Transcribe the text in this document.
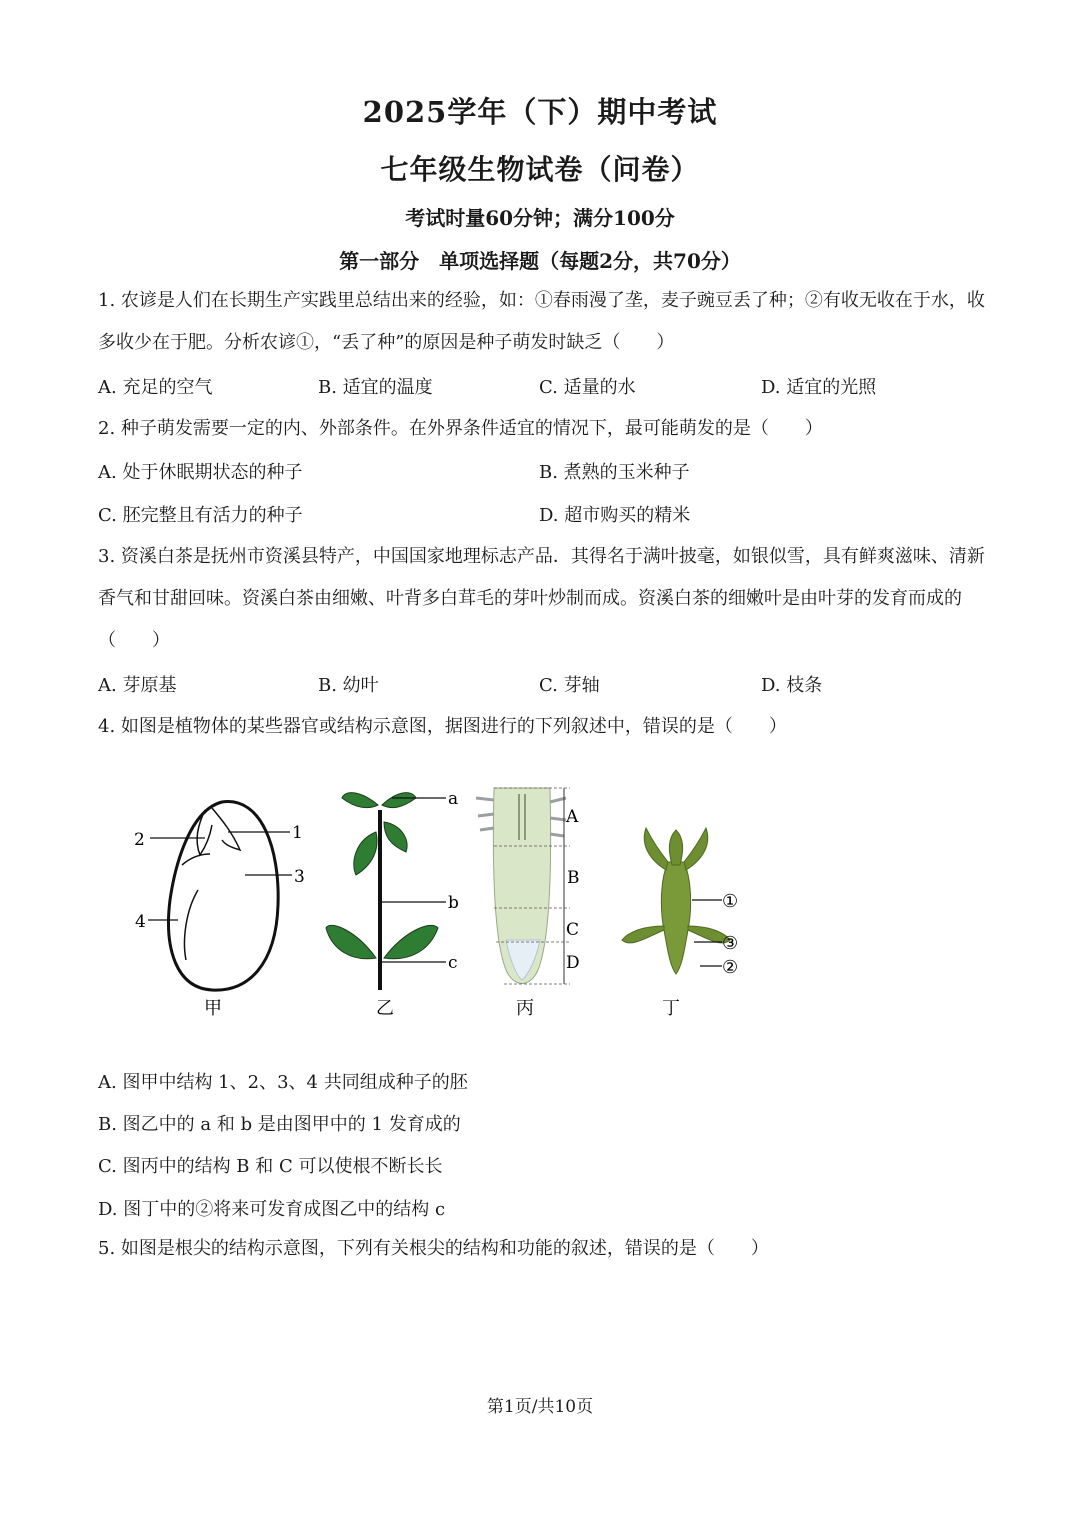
2025学年（下）期中考试
七年级生物试卷（问卷）
考试时量60分钟；满分100分
第一部分　单项选择题（每题2分，共70分）
1. 农谚是人们在长期生产实践里总结出来的经验，如：①春雨漫了垄，麦子豌豆丢了种；②有收无收在于水，收多收少在于肥。分析农谚①，“丢了种”的原因是种子萌发时缺乏（　　）
A. 充足的空气	B. 适宜的温度	C. 适量的水	D. 适宜的光照
2. 种子萌发需要一定的内、外部条件。在外界条件适宜的情况下，最可能萌发的是（　　）
A. 处于休眠期状态的种子	B. 煮熟的玉米种子
C. 胚完整且有活力的种子	D. 超市购买的精米
3. 资溪白茶是抚州市资溪县特产，中国国家地理标志产品．其得名于满叶披毫，如银似雪，具有鲜爽滋味、清新香气和甘甜回味。资溪白茶由细嫩、叶背多白茸毛的芽叶炒制而成。资溪白茶的细嫩叶是由叶芽的发育而成的（　　）
A. 芽原基	B. 幼叶	C. 芽轴	D. 枝条
4. 如图是植物体的某些器官或结构示意图，据图进行的下列叙述中，错误的是（　　）
1
2
3
4
a
b
c
A
B
C
D
①
③
②
甲	乙	丙	丁
A. 图甲中结构 1、2、3、4 共同组成种子的胚
B. 图乙中的 a 和 b 是由图甲中的 1 发育成的
C. 图丙中的结构 B 和 C 可以使根不断长长
D. 图丁中的②将来可发育成图乙中的结构 c
5. 如图是根尖的结构示意图，下列有关根尖的结构和功能的叙述，错误的是（　　）
第1页/共10页
